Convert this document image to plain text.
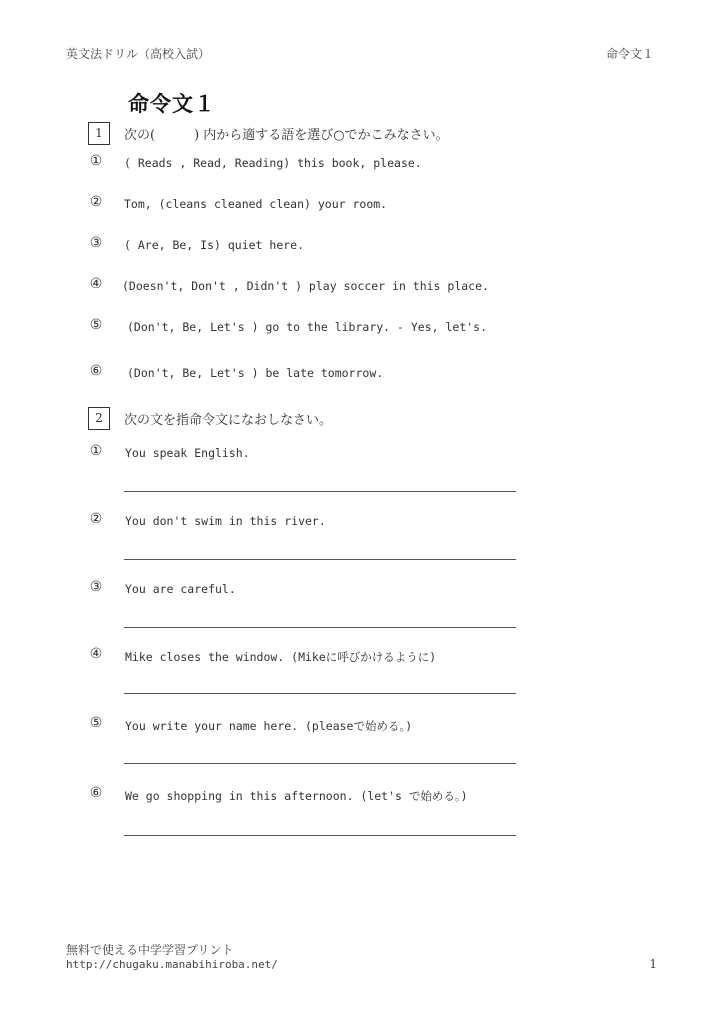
英文法ドリル（高校入試）	命令文１
命令文１
1	次の(　　　) 内から適する語を選び○でかこみなさい。
①	( Reads , Read, Reading) this book, please.
②	Tom, (cleans cleaned clean) your room.
③	( Are, Be, Is) quiet here.
④	(Doesn't, Don't , Didn't ) play soccer in this place.
⑤	(Don't, Be, Let's ) go to the library. - Yes, let's.
⑥	(Don't, Be, Let's ) be late tomorrow.
2	次の文を指命令文になおしなさい。
①	You speak English.
②	You don't swim in this river.
③	You are careful.
④	Mike closes the window. (Mikeに呼びかけるように)
⑤	You write your name here. (pleaseで始める。)
⑥	We go shopping in this afternoon. (let's で始める。)
無料で使える中学学習プリント
http://chugaku.manabihiroba.net/	1
